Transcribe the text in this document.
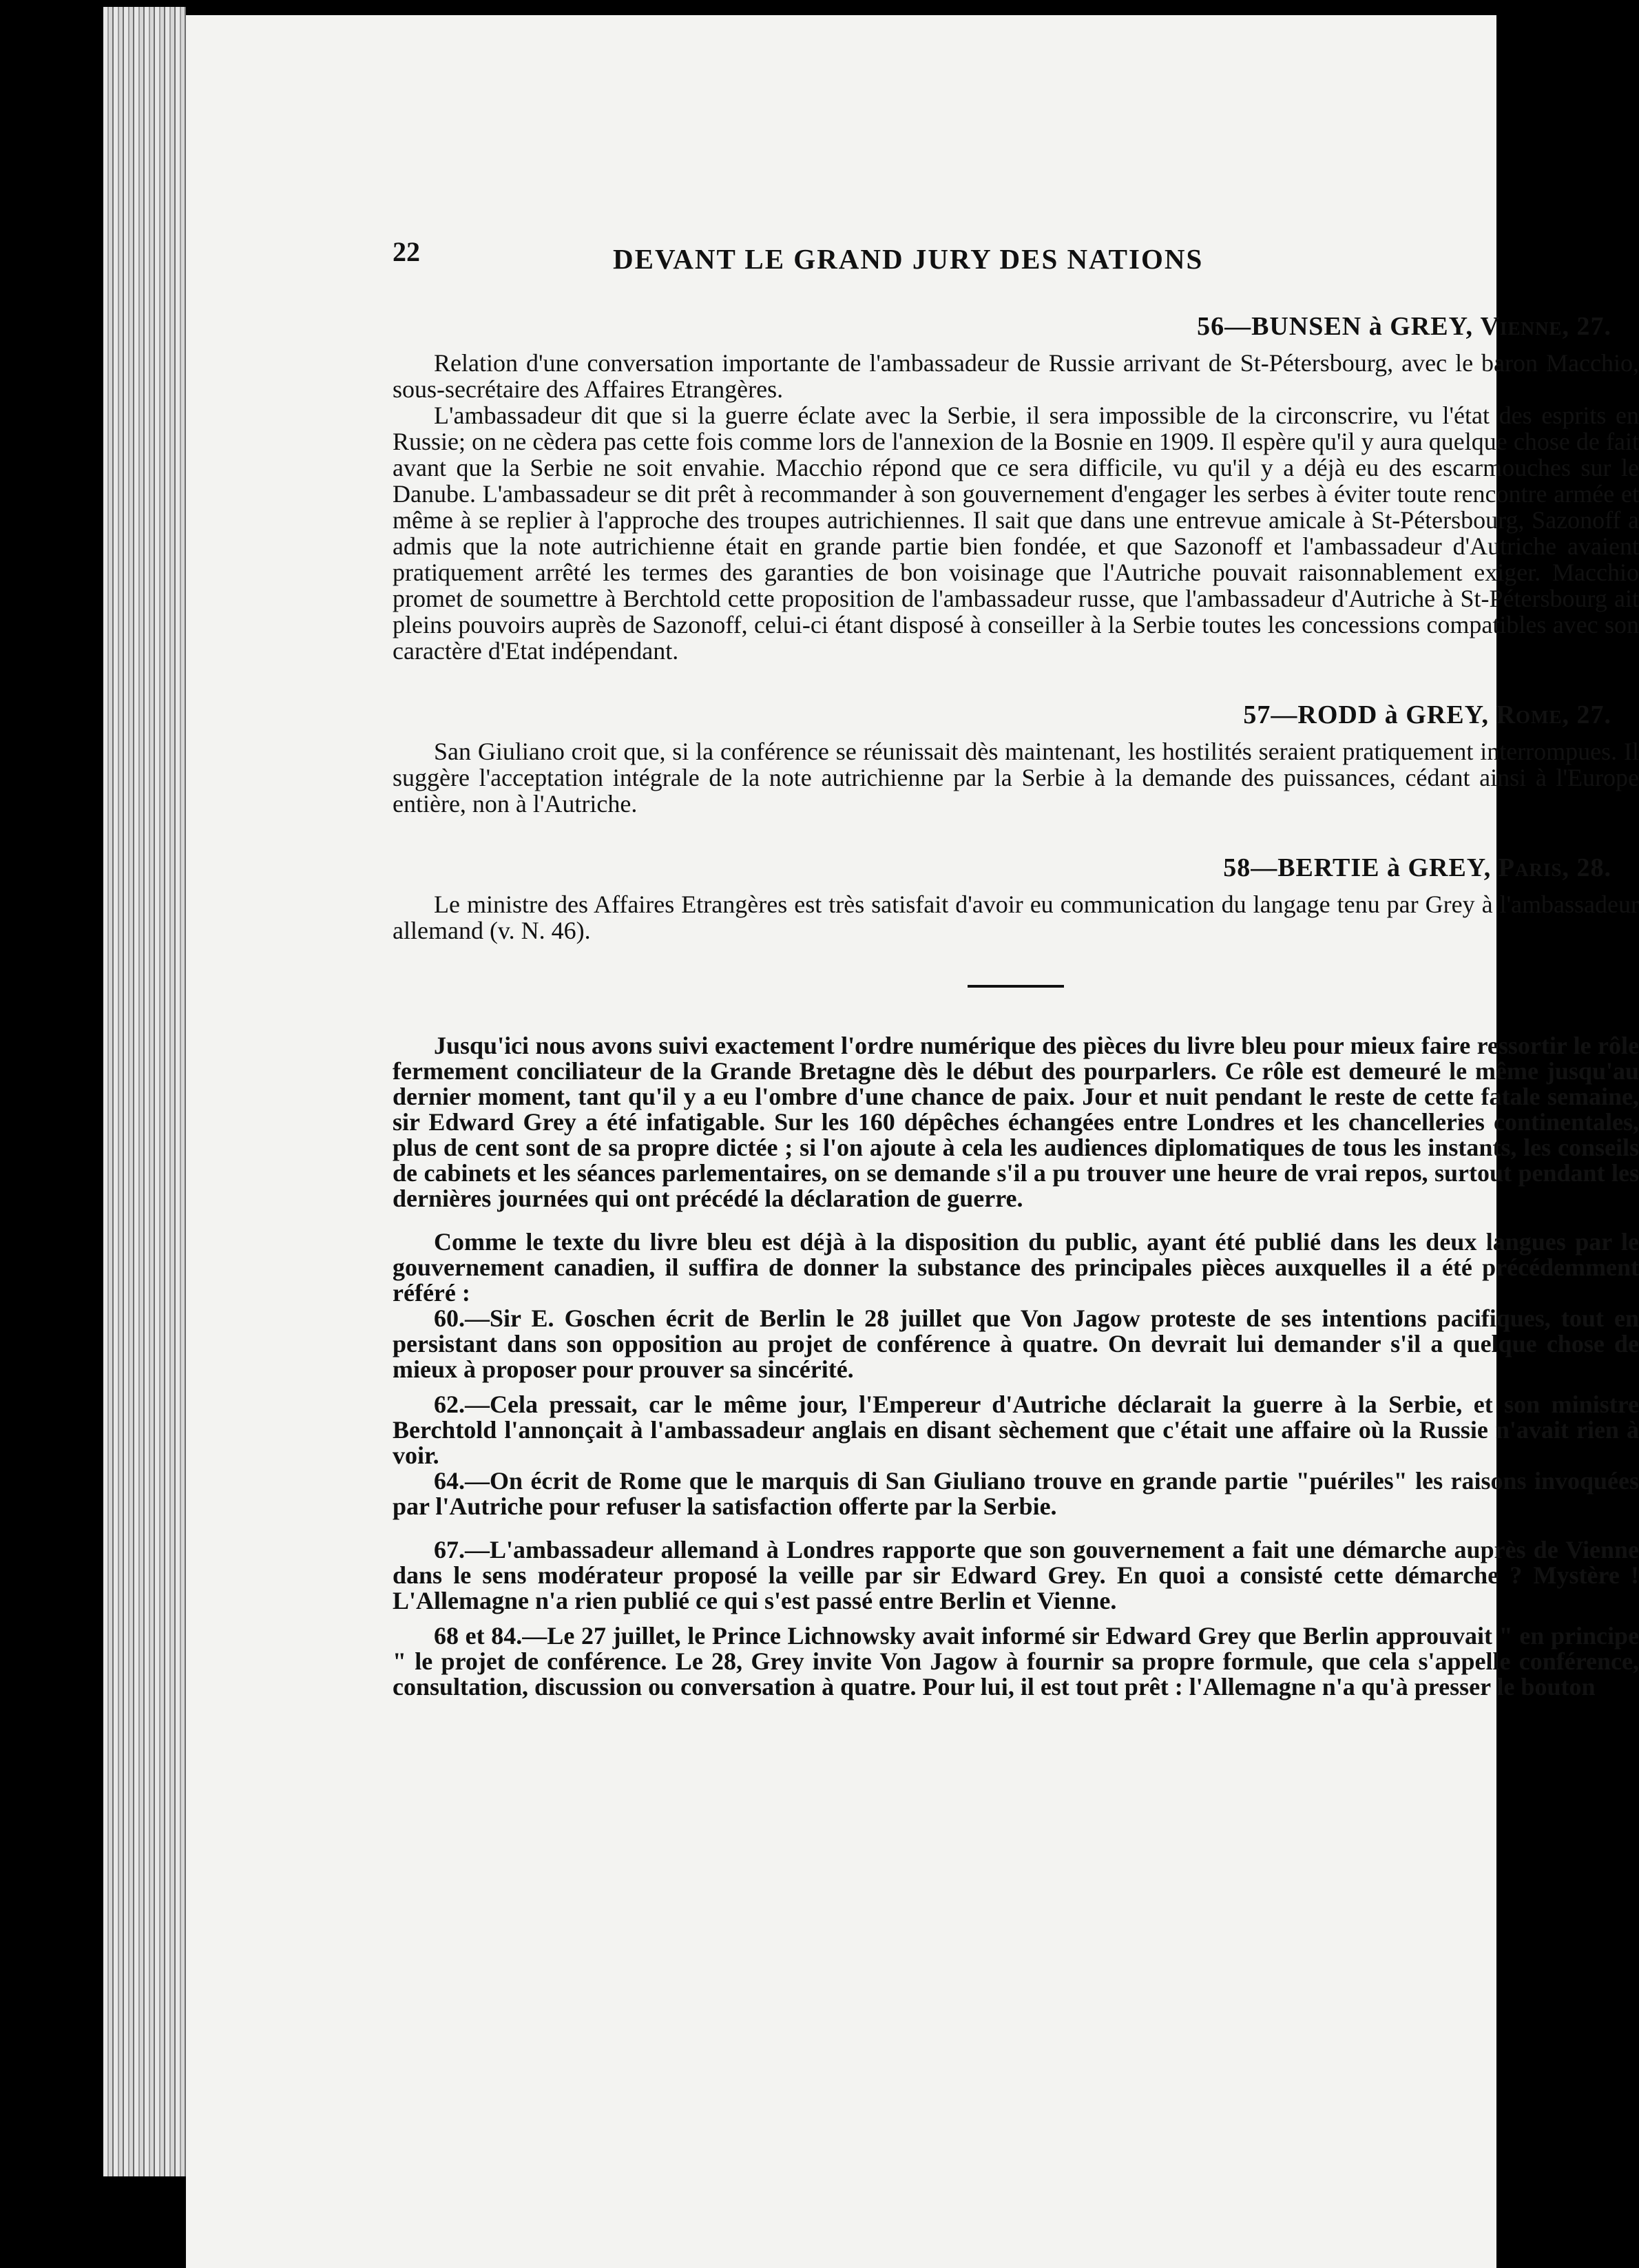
22	DEVANT LE GRAND JURY DES NATIONS
56—BUNSEN à GREY, Vienne, 27.

Relation d'une conversation importante de l'ambassadeur de Russie arrivant de St-Pétersbourg, avec le baron Macchio, sous-secrétaire des Affaires Etrangères.

L'ambassadeur dit que si la guerre éclate avec la Serbie, il sera impossible de la circonscrire, vu l'état des esprits en Russie; on ne cèdera pas cette fois comme lors de l'annexion de la Bosnie en 1909. Il espère qu'il y aura quelque chose de fait avant que la Serbie ne soit envahie. Macchio répond que ce sera difficile, vu qu'il y a déjà eu des escarmouches sur le Danube. L'ambassadeur se dit prêt à recommander à son gouvernement d'engager les serbes à éviter toute rencontre armée et même à se replier à l'approche des troupes autrichiennes. Il sait que dans une entrevue amicale à St-Pétersbourg, Sazonoff a admis que la note autrichienne était en grande partie bien fondée, et que Sazonoff et l'ambassadeur d'Autriche avaient pratiquement arrêté les termes des garanties de bon voisinage que l'Autriche pouvait raisonnablement exiger. Macchio promet de soumettre à Berchtold cette proposition de l'ambassadeur russe, que l'ambassadeur d'Autriche à St-Pétersbourg ait pleins pouvoirs auprès de Sazonoff, celui-ci étant disposé à conseiller à la Serbie toutes les concessions compatibles avec son caractère d'Etat indépendant.

57—RODD à GREY, Rome, 27.

San Giuliano croit que, si la conférence se réunissait dès maintenant, les hostilités seraient pratiquement interrompues. Il suggère l'acceptation intégrale de la note autrichienne par la Serbie à la demande des puissances, cédant ainsi à l'Europe entière, non à l'Autriche.

58—BERTIE à GREY, Paris, 28.

Le ministre des Affaires Etrangères est très satisfait d'avoir eu communication du langage tenu par Grey à l'ambassadeur allemand (v. N. 46).

Jusqu'ici nous avons suivi exactement l'ordre numérique des pièces du livre bleu pour mieux faire ressortir le rôle fermement conciliateur de la Grande Bretagne dès le début des pourparlers. Ce rôle est demeuré le même jusqu'au dernier moment, tant qu'il y a eu l'ombre d'une chance de paix. Jour et nuit pendant le reste de cette fatale semaine, sir Edward Grey a été infatigable. Sur les 160 dépêches échangées entre Londres et les chancelleries continentales, plus de cent sont de sa propre dictée ; si l'on ajoute à cela les audiences diplomatiques de tous les instants, les conseils de cabinets et les séances parlementaires, on se demande s'il a pu trouver une heure de vrai repos, surtout pendant les dernières journées qui ont précédé la déclaration de guerre.

Comme le texte du livre bleu est déjà à la disposition du public, ayant été publié dans les deux langues par le gouvernement canadien, il suffira de donner la substance des principales pièces auxquelles il a été précédemment référé :

60.—Sir E. Goschen écrit de Berlin le 28 juillet que Von Jagow proteste de ses intentions pacifiques, tout en persistant dans son opposition au projet de conférence à quatre. On devrait lui demander s'il a quelque chose de mieux à proposer pour prouver sa sincérité.

62.—Cela pressait, car le même jour, l'Empereur d'Autriche déclarait la guerre à la Serbie, et son ministre Berchtold l'annonçait à l'ambassadeur anglais en disant sèchement que c'était une affaire où la Russie n'avait rien à voir.

64.—On écrit de Rome que le marquis di San Giuliano trouve en grande partie "puériles" les raisons invoquées par l'Autriche pour refuser la satisfaction offerte par la Serbie.

67.—L'ambassadeur allemand à Londres rapporte que son gouvernement a fait une démarche auprès de Vienne dans le sens modérateur proposé la veille par sir Edward Grey. En quoi a consisté cette démarche ? Mystère ! L'Allemagne n'a rien publié ce qui s'est passé entre Berlin et Vienne.

68 et 84.—Le 27 juillet, le Prince Lichnowsky avait informé sir Edward Grey que Berlin approuvait " en principe " le projet de conférence. Le 28, Grey invite Von Jagow à fournir sa propre formule, que cela s'appelle conférence, consultation, discussion ou conversation à quatre. Pour lui, il est tout prêt : l'Allemagne n'a qu'à presser le bouton
